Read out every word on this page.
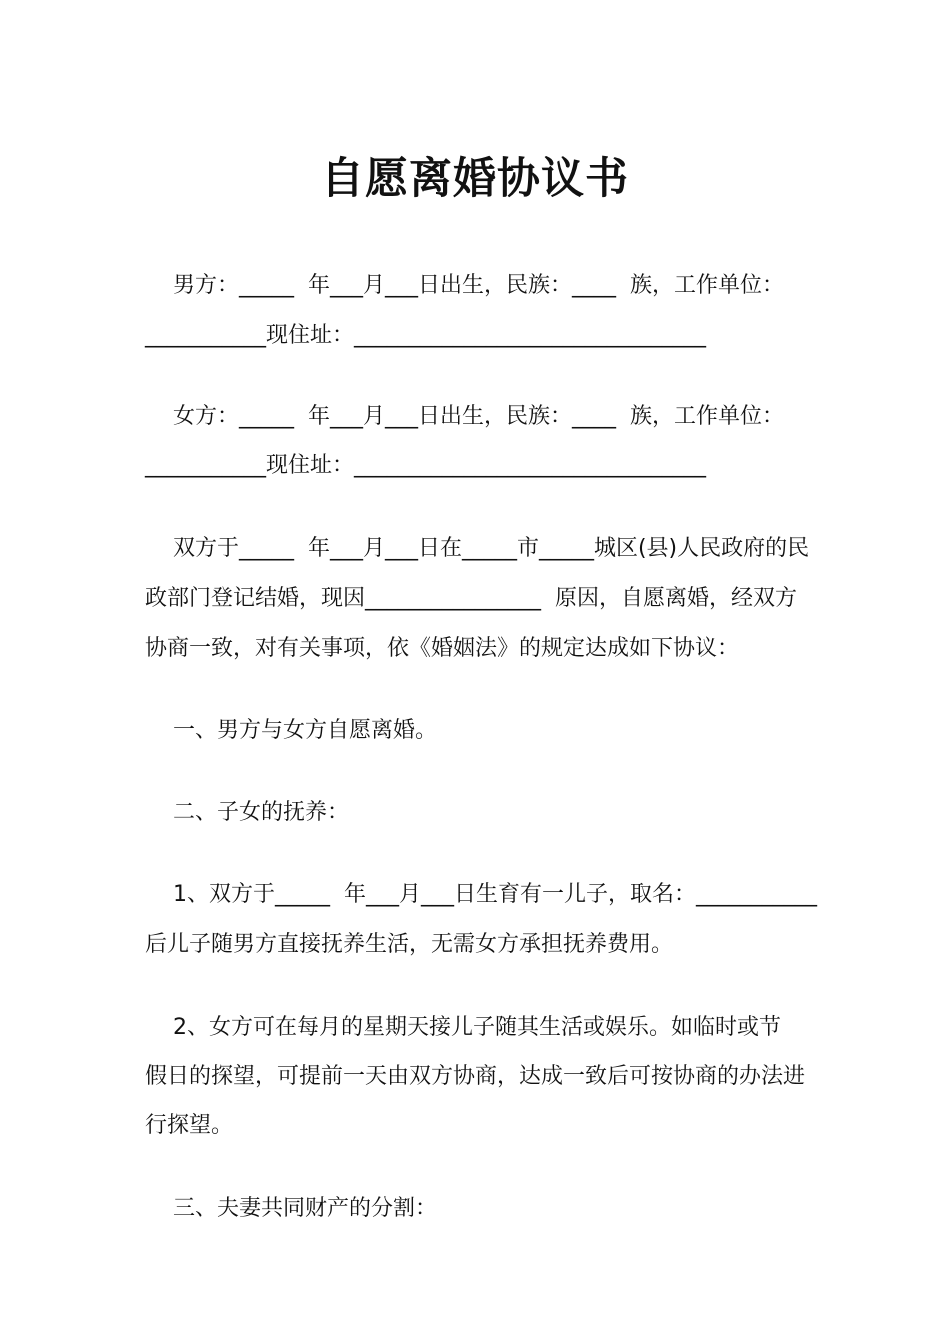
自愿离婚协议书
男方：_____  年___月___日出生，民族：____  族，工作单位：
___________现住址：________________________________
女方：_____  年___月___日出生，民族：____  族，工作单位：
___________现住址：________________________________
双方于_____  年___月___日在_____市_____城区(县)人民政府的民
政部门登记结婚，现因________________  原因，自愿离婚，经双方
协商一致，对有关事项，依《婚姻法》的规定达成如下协议：
一、男方与女方自愿离婚。
二、子女的抚养：
1、双方于_____  年___月___日生育有一儿子，取名：___________
后儿子随男方直接抚养生活，无需女方承担抚养费用。
2、女方可在每月的星期天接儿子随其生活或娱乐。如临时或节
假日的探望，可提前一天由双方协商，达成一致后可按协商的办法进
行探望。
三、夫妻共同财产的分割：
